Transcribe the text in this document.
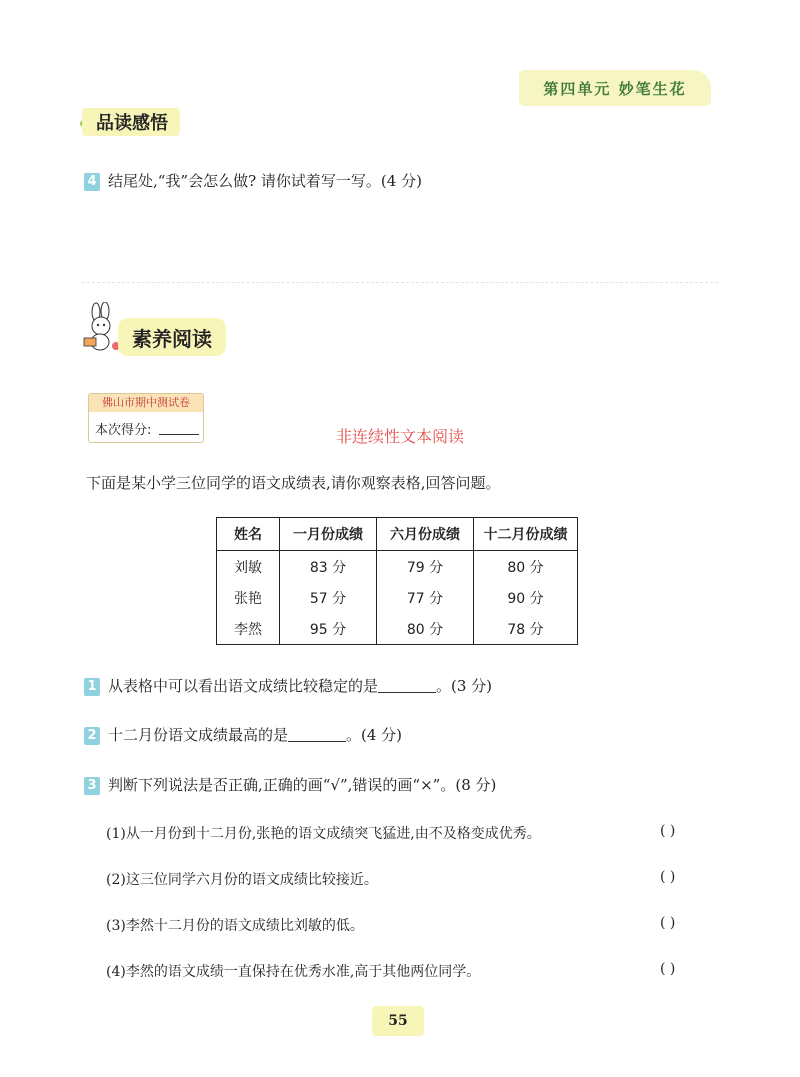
第四单元 妙笔生花
品读感悟
4 结尾处,“我”会怎么做? 请你试着写一写。(4 分)
素养阅读
佛山市期中测试卷
本次得分:	非连续性文本阅读
下面是某小学三位同学的语文成绩表,请你观察表格,回答问题。
姓名	一月份成绩	六月份成绩	十二月份成绩
刘敏	83 分	79 分	80 分
张艳	57 分	77 分	90 分
李然	95 分	80 分	78 分
1 从表格中可以看出语文成绩比较稳定的是	。(3 分)
2 十二月份语文成绩最高的是	。(4 分)
3 判断下列说法是否正确,正确的画“√”,错误的画“×”。(8 分)
(1)从一月份到十二月份,张艳的语文成绩突飞猛进,由不及格变成优秀。	( )
(2)这三位同学六月份的语文成绩比较接近。	( )
(3)李然十二月份的语文成绩比刘敏的低。	( )
(4)李然的语文成绩一直保持在优秀水准,高于其他两位同学。	( )
55
